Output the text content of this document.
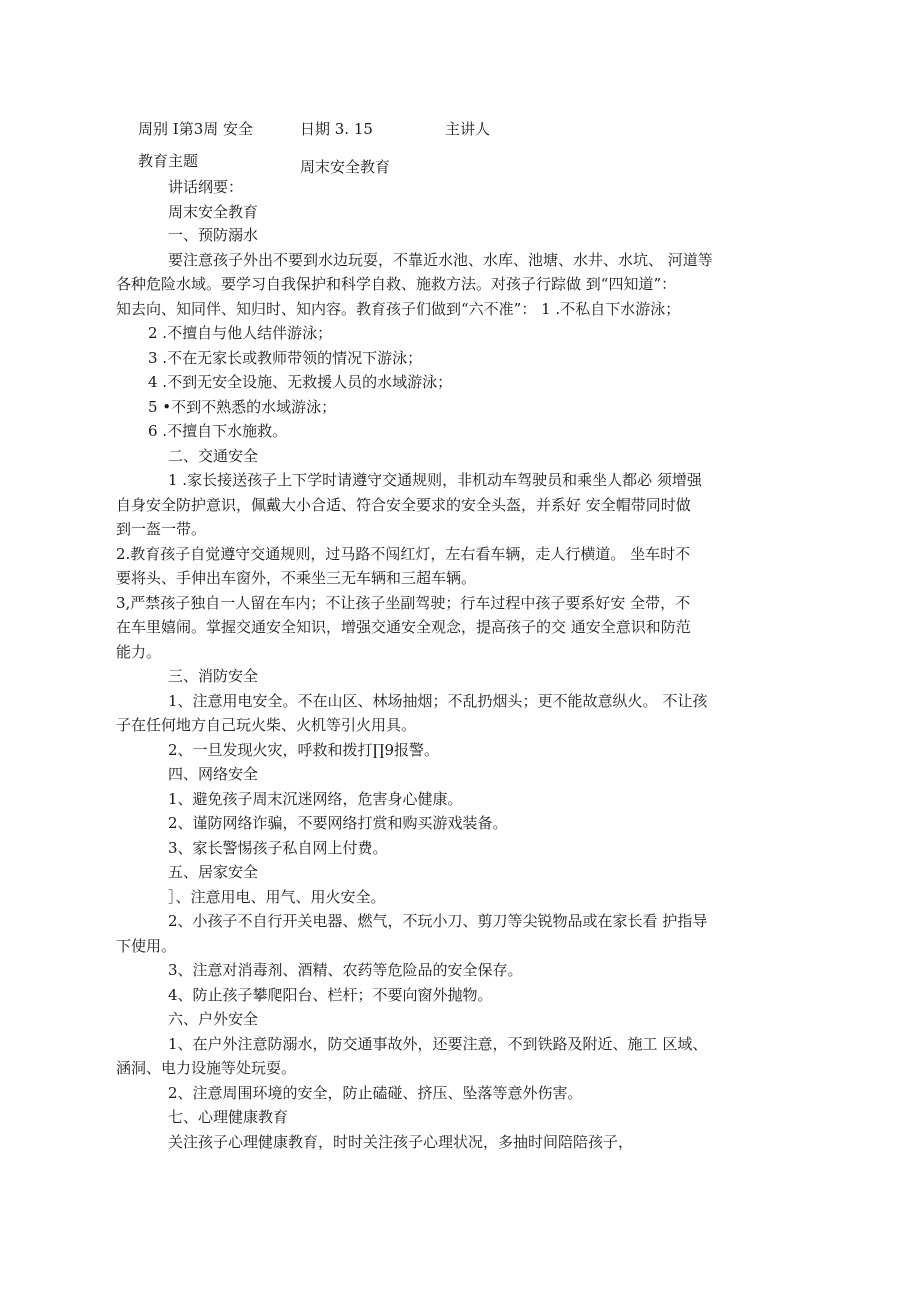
周别 Ⅰ第3周 安全	日期 3. 15	主讲人
教育主题	周末安全教育
讲话纲要：
周末安全教育

一、预防溺水

要注意孩子外出不要到水边玩耍，不靠近水池、水库、池塘、水井、水坑、 河道等

各种危险水域。要学习自我保护和科学自救、施救方法。对孩子行踪做 到“四知道”：

知去向、知同伴、知归时、知内容。教育孩子们做到“六不准”： 1 .不私自下水游泳；

2 .不擅自与他人结伴游泳；

3 .不在无家长或教师带领的情况下游泳；

4 .不到无安全设施、无救援人员的水域游泳；

5 •不到不熟悉的水域游泳；

6 .不擅自下水施救。

二、交通安全

1 .家长接送孩子上下学时请遵守交通规则，非机动车驾驶员和乘坐人都必 须增强

自身安全防护意识，佩戴大小合适、符合安全要求的安全头盔，并系好 安全帽带同时做

到一盔一带。

2.教育孩子自觉遵守交通规则，过马路不闯红灯，左右看车辆，走人行横道。 坐车时不

要将头、手伸出车窗外，不乘坐三无车辆和三超车辆。

3,严禁孩子独自一人留在车内；不让孩子坐副驾驶；行车过程中孩子要系好安 全带，不

在车里嬉闹。掌握交通安全知识，增强交通安全观念，提高孩子的交 通安全意识和防范

能力。

三、消防安全

1、注意用电安全。不在山区、林场抽烟；不乱扔烟头；更不能故意纵火。 不让孩

子在任何地方自己玩火柴、火机等引火用具。

2、一旦发现火灾，呼救和拨打∏9报警。

四、网络安全

1、避免孩子周末沉迷网络，危害身心健康。

2、谨防网络诈骗，不要网络打赏和购买游戏装备。

3、家长警惕孩子私自网上付费。

五、居家安全

］、注意用电、用气、用火安全。

2、小孩子不自行开关电器、燃气，不玩小刀、剪刀等尖锐物品或在家长看 护指导

下使用。

3、注意对消毒剂、酒精、农药等危险品的安全保存。

4、防止孩子攀爬阳台、栏杆；不要向窗外抛物。

六、户外安全

1、在户外注意防溺水，防交通事故外，还要注意，不到铁路及附近、施工 区域、

涵洞、电力设施等处玩耍。

2、注意周围环境的安全，防止磕碰、挤压、坠落等意外伤害。

七、心理健康教育

关注孩子心理健康教育，时时关注孩子心理状况，多抽时间陪陪孩子，
